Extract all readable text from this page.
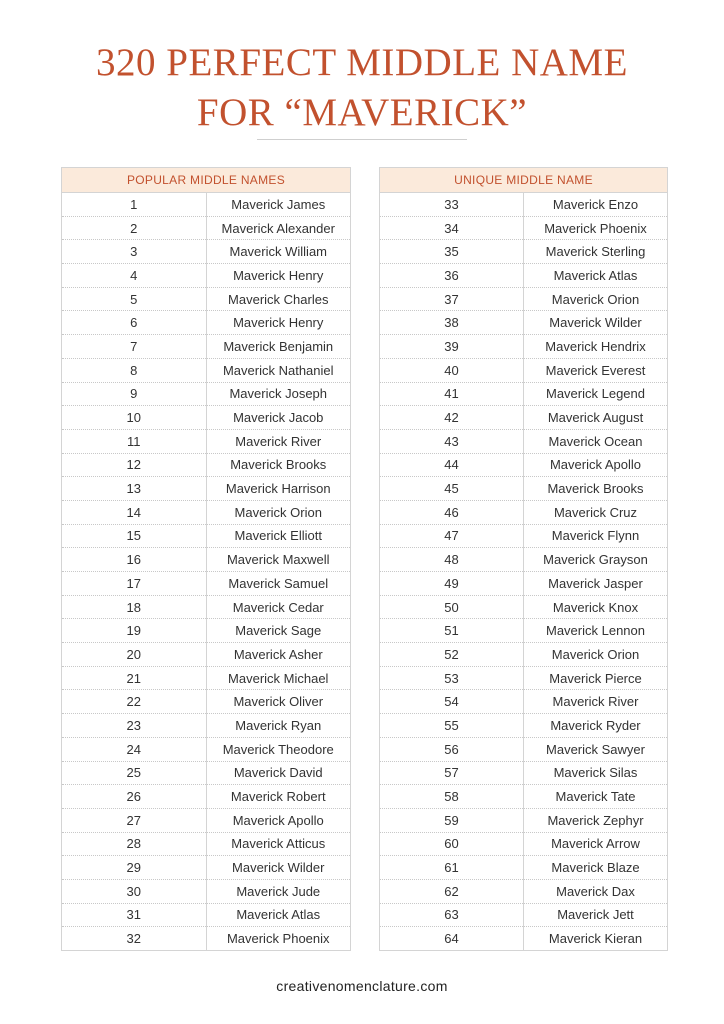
320 PERFECT MIDDLE NAME
FOR “MAVERICK”
POPULAR MIDDLE NAMES	
1	Maverick James
2	Maverick Alexander
3	Maverick William
4	Maverick Henry
5	Maverick Charles
6	Maverick Henry
7	Maverick Benjamin
8	Maverick Nathaniel
9	Maverick Joseph
10	Maverick Jacob
11	Maverick River
12	Maverick Brooks
13	Maverick Harrison
14	Maverick Orion
15	Maverick Elliott
16	Maverick Maxwell
17	Maverick Samuel
18	Maverick Cedar
19	Maverick Sage
20	Maverick Asher
21	Maverick Michael
22	Maverick Oliver
23	Maverick Ryan
24	Maverick Theodore
25	Maverick David
26	Maverick Robert
27	Maverick Apollo
28	Maverick Atticus
29	Maverick Wilder
30	Maverick Jude
31	Maverick Atlas
32	Maverick Phoenix
UNIQUE MIDDLE NAME	
33	Maverick Enzo
34	Maverick Phoenix
35	Maverick Sterling
36	Maverick Atlas
37	Maverick Orion
38	Maverick Wilder
39	Maverick Hendrix
40	Maverick Everest
41	Maverick Legend
42	Maverick August
43	Maverick Ocean
44	Maverick Apollo
45	Maverick Brooks
46	Maverick Cruz
47	Maverick Flynn
48	Maverick Grayson
49	Maverick Jasper
50	Maverick Knox
51	Maverick Lennon
52	Maverick Orion
53	Maverick Pierce
54	Maverick River
55	Maverick Ryder
56	Maverick Sawyer
57	Maverick Silas
58	Maverick Tate
59	Maverick Zephyr
60	Maverick Arrow
61	Maverick Blaze
62	Maverick Dax
63	Maverick Jett
64	Maverick Kieran
creativenomenclature.com
